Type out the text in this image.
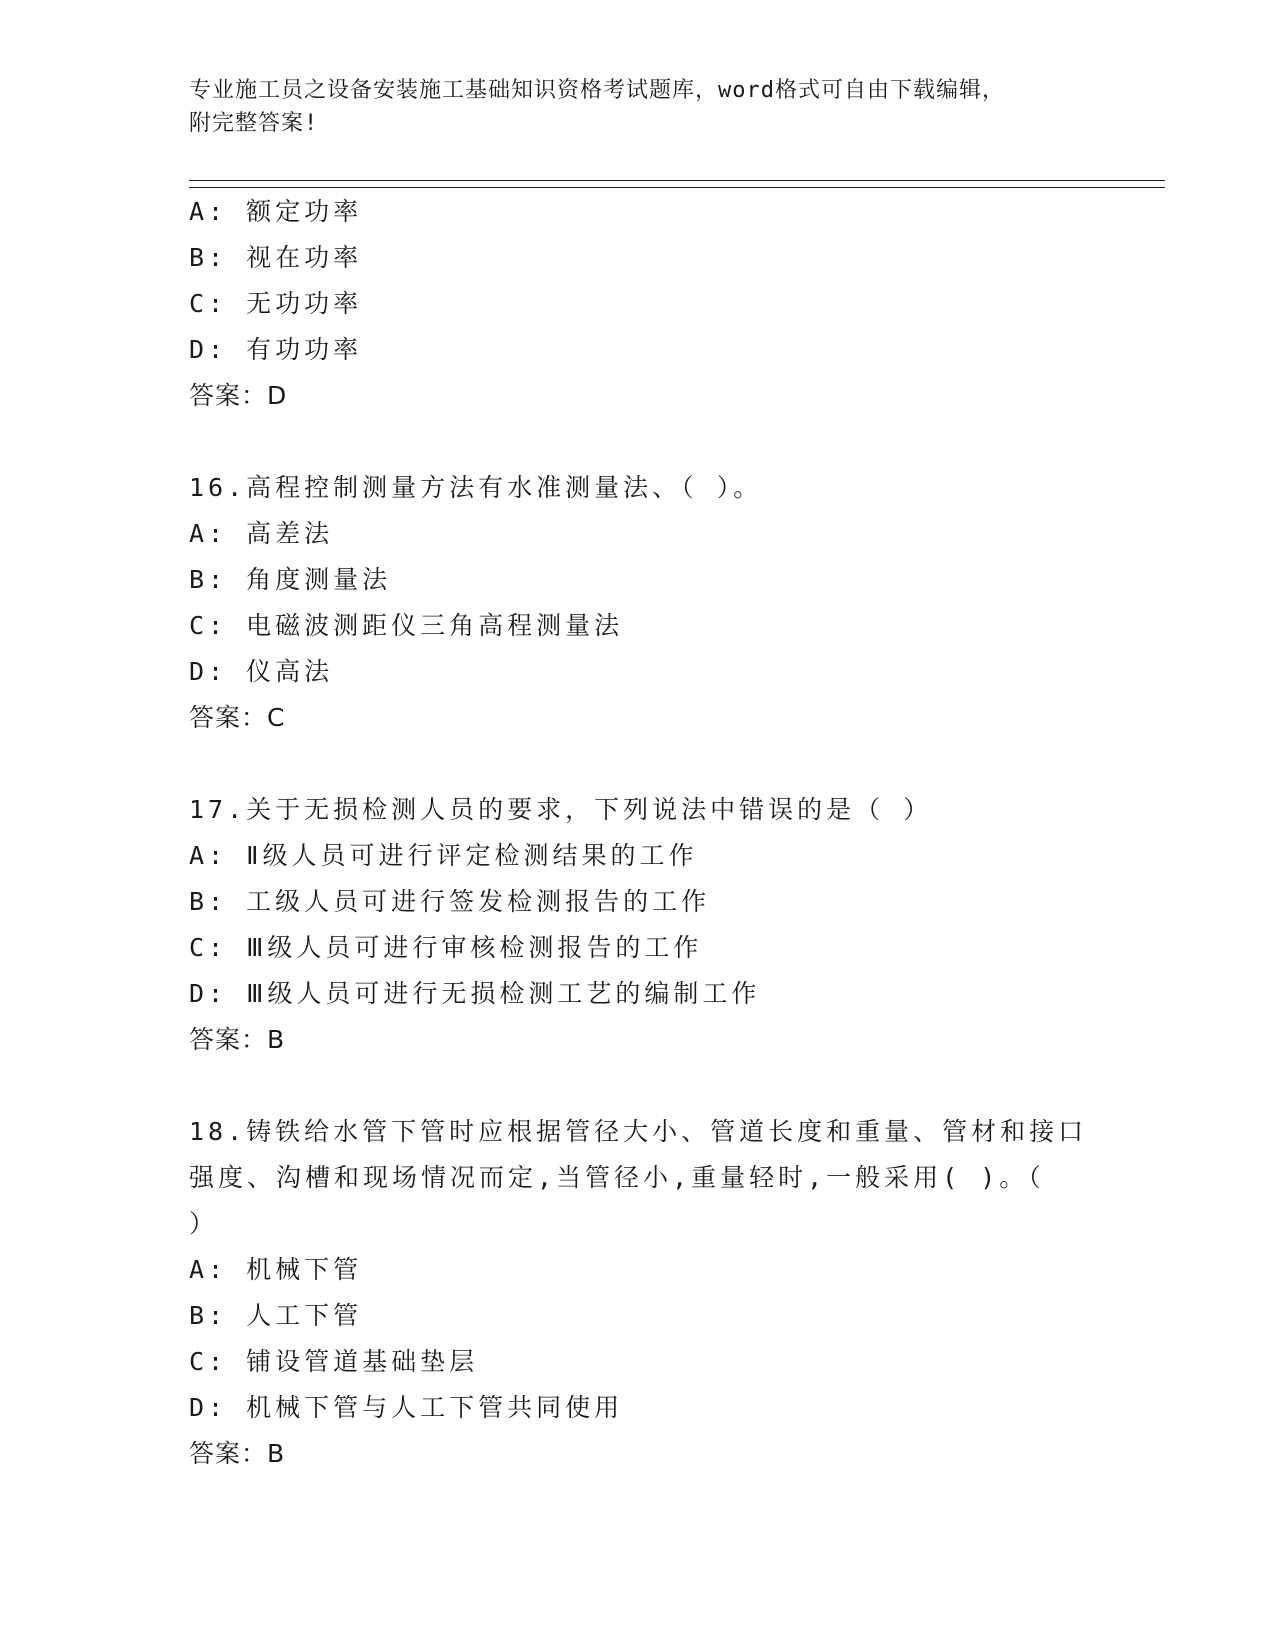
专业施工员之设备安装施工基础知识资格考试题库，word格式可自由下载编辑，
附完整答案!
A: 额定功率
B: 视在功率
C: 无功功率
D: 有功功率
答案：D
16.高程控制测量方法有水准测量法、（ ）。
A: 高差法
B: 角度测量法
C: 电磁波测距仪三角高程测量法
D: 仪高法
答案：C
17.关于无损检测人员的要求，下列说法中错误的是（ ）
A: Ⅱ级人员可进行评定检测结果的工作
B: 工级人员可进行签发检测报告的工作
C: Ⅲ级人员可进行审核检测报告的工作
D: Ⅲ级人员可进行无损检测工艺的编制工作
答案：B
18.铸铁给水管下管时应根据管径大小、管道长度和重量、管材和接口
强度、沟槽和现场情况而定,当管径小,重量轻时,一般采用( )。（
）
A: 机械下管
B: 人工下管
C: 铺设管道基础垫层
D: 机械下管与人工下管共同使用
答案：B
